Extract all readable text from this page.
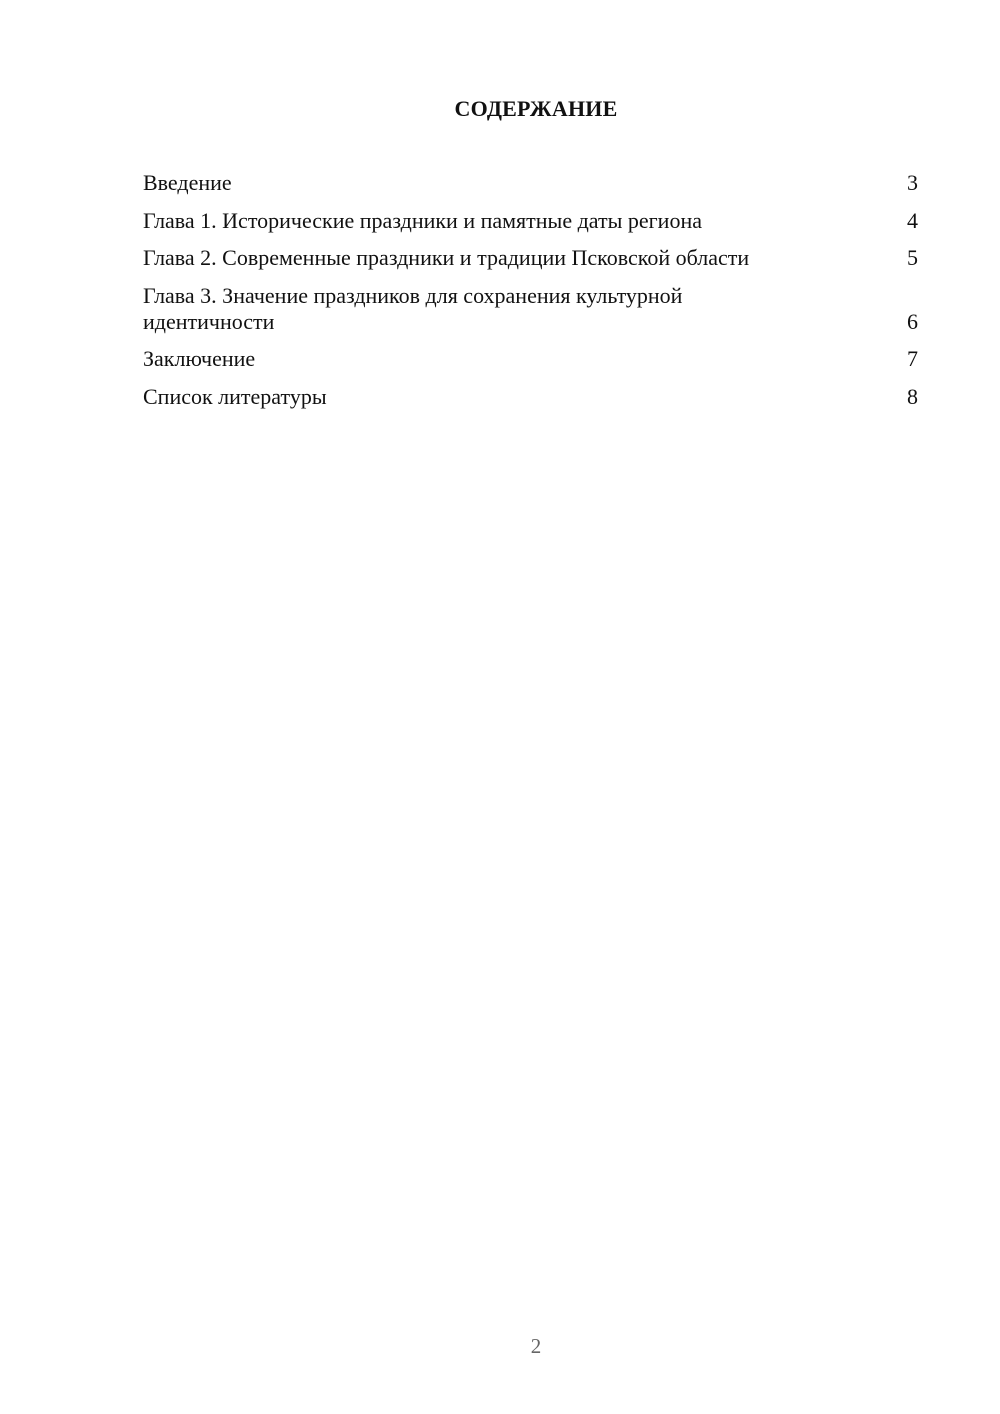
СОДЕРЖАНИЕ
Введение	3
Глава 1. Исторические праздники и памятные даты региона	4
Глава 2. Современные праздники и традиции Псковской области	5
Глава 3. Значение праздников для сохранения культурной идентичности	6
Заключение	7
Список литературы	8
2
